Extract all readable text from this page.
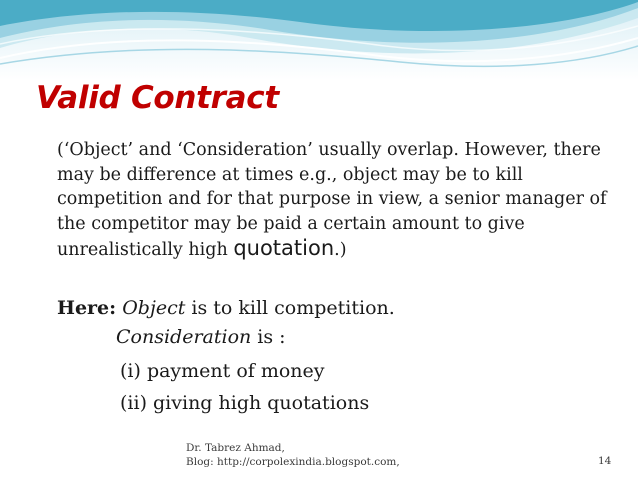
Valid Contract

(‘Object’ and ‘Consideration’ usually overlap. However, there may be difference at times e.g., object may be to kill competition and for that purpose in view, a senior manager of the competitor may be paid a certain amount to give unrealistically high quotation.)

Here: Object is to kill competition.
Consideration is :
(i) payment of money
(ii) giving high quotations
Dr. Tabrez Ahmad,
Blog: http://corpolexindia.blogspot.com,	14
